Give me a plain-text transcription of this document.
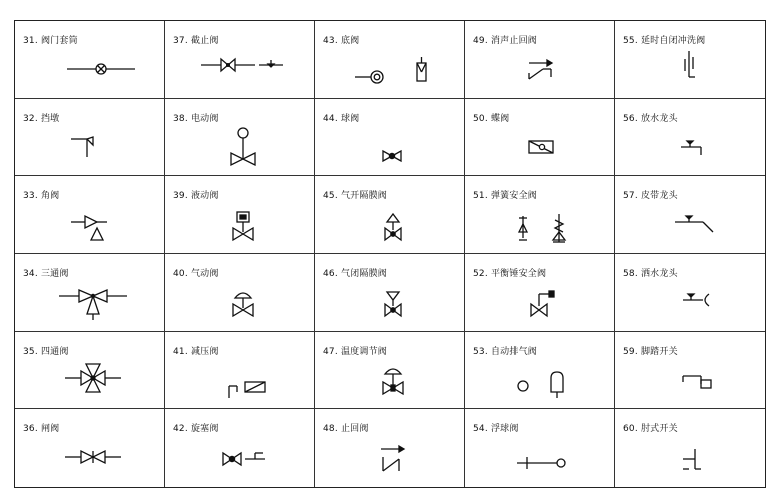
31. 阀门套筒	37. 截止阀	43. 底阀	49. 消声止回阀	55. 延时自闭冲洗阀
32. 挡墩	38. 电动阀	44. 球阀	50. 蝶阀	56. 放水龙头
33. 角阀	39. 液动阀	45. 气开隔膜阀	51. 弹簧安全阀	57. 皮带龙头
34. 三通阀	40. 气动阀	46. 气闭隔膜阀	52. 平衡锤安全阀	58. 洒水龙头
35. 四通阀	41. 减压阀	47. 温度调节阀	53. 自动排气阀	59. 脚踏开关
36. 闸阀	42. 旋塞阀	48. 止回阀	54. 浮球阀	60. 肘式开关
